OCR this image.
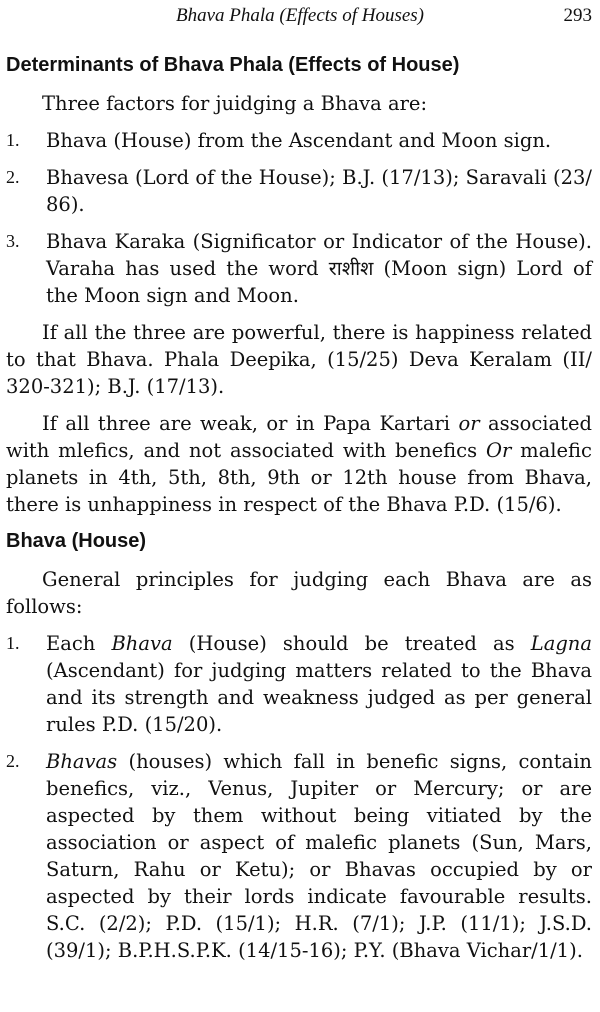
Bhava Phala (Effects of Houses)	293
Determinants of Bhava Phala (Effects of House)

Three factors for juidging a Bhava are:

1.	Bhava (House) from the Ascendant and Moon sign.
2.	Bhavesa (Lord of the House); B.J. (17/13); Saravali (23/ 86).
3.	Bhava Karaka (Significator or Indicator of the House). Varaha has used the word राशीश (Moon sign) Lord of the Moon sign and Moon.

If all the three are powerful, there is happiness related to that Bhava. Phala Deepika, (15/25) Deva Keralam (II/ 320-321); B.J. (17/13).

If all three are weak, or in Papa Kartari or associated with mlefics, and not associated with benefics Or malefic planets in 4th, 5th, 8th, 9th or 12th house from Bhava, there is unhappiness in respect of the Bhava P.D. (15/6).

Bhava (House)

General principles for judging each Bhava are as follows:

1.	Each Bhava (House) should be treated as Lagna (Ascendant) for judging matters related to the Bhava and its strength and weakness judged as per general rules P.D. (15/20).
2.	Bhavas (houses) which fall in benefic signs, contain benefics, viz., Venus, Jupiter or Mercury; or are aspected by them without being vitiated by the association or aspect of malefic planets (Sun, Mars, Saturn, Rahu or Ketu); or Bhavas occupied by or aspected by their lords indicate favourable results. S.C. (2/2); P.D. (15/1); H.R. (7/1); J.P. (11/1); J.S.D. (39/1); B.P.H.S.P.K. (14/15-16); P.Y. (Bhava Vichar/1/1).
